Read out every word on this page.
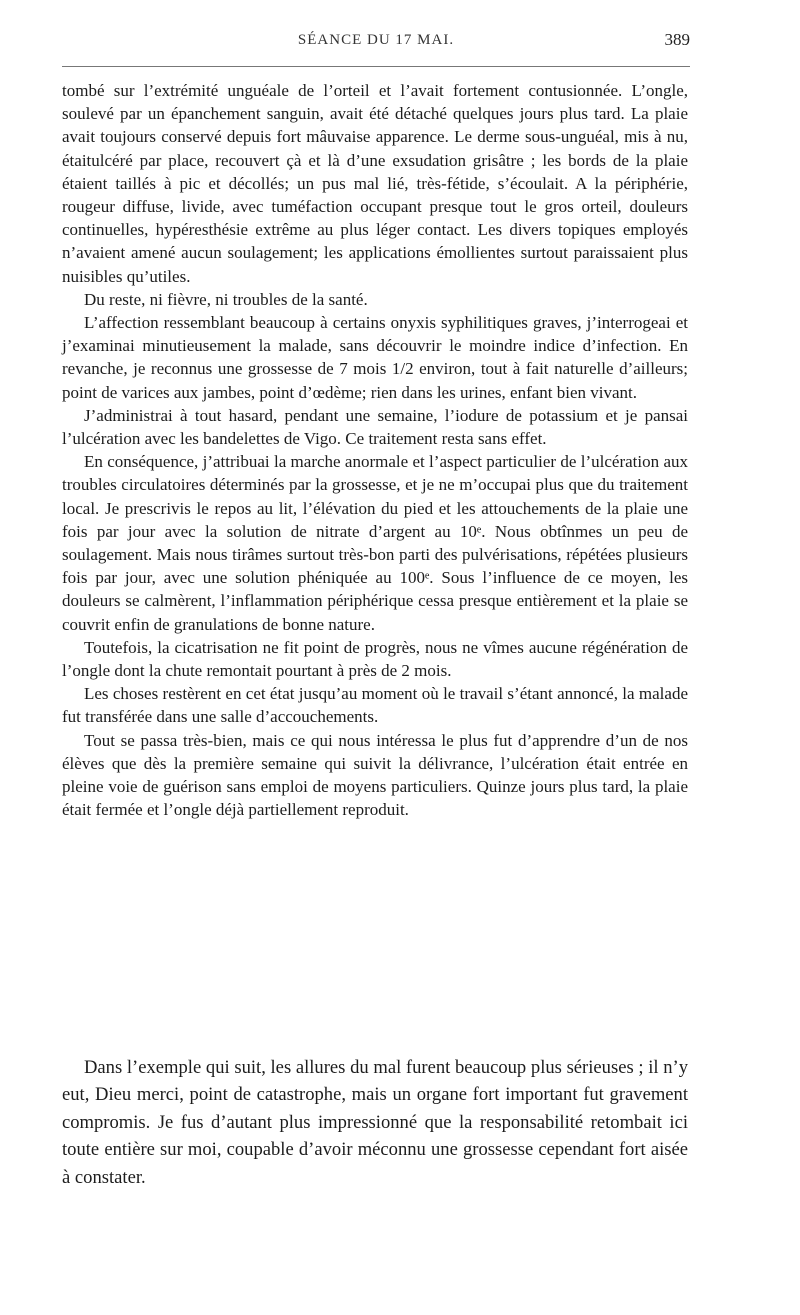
SÉANCE DU 17 MAI.	389

tombé sur l’extrémité unguéale de l’orteil et l’avait fortement contusionnée. L’ongle, soulevé par un épanchement sanguin, avait été détaché quelques jours plus tard. La plaie avait toujours conservé depuis fort mâuvaise apparence. Le derme sous-unguéal, mis à nu, étaitulcéré par place, recouvert çà et là d’une exsudation grisâtre ; les bords de la plaie étaient taillés à pic et décollés; un pus mal lié, très-fétide, s’écoulait. A la périphérie, rougeur diffuse, livide, avec tuméfaction occupant presque tout le gros orteil, douleurs continuelles, hypéresthésie extrême au plus léger contact. Les divers topiques employés n’avaient amené aucun soulagement; les applications émollientes surtout paraissaient plus nuisibles qu’utiles.

Du reste, ni fièvre, ni troubles de la santé.

L’affection ressemblant beaucoup à certains onyxis syphilitiques graves, j’interrogeai et j’examinai minutieusement la malade, sans découvrir le moindre indice d’infection. En revanche, je reconnus une grossesse de 7 mois 1/2 environ, tout à fait naturelle d’ailleurs; point de varices aux jambes, point d’œdème; rien dans les urines, enfant bien vivant.

J’administrai à tout hasard, pendant une semaine, l’iodure de potassium et je pansai l’ulcération avec les bandelettes de Vigo. Ce traitement resta sans effet.

En conséquence, j’attribuai la marche anormale et l’aspect particulier de l’ulcération aux troubles circulatoires déterminés par la grossesse, et je ne m’occupai plus que du traitement local. Je prescrivis le repos au lit, l’élévation du pied et les attouchements de la plaie une fois par jour avec la solution de nitrate d’argent au 10ᵉ. Nous obtînmes un peu de soulagement. Mais nous tirâmes surtout très-bon parti des pulvérisations, répétées plusieurs fois par jour, avec une solution phéniquée au 100ᵉ. Sous l’influence de ce moyen, les douleurs se calmèrent, l’inflammation périphérique cessa presque entièrement et la plaie se couvrit enfin de granulations de bonne nature.

Toutefois, la cicatrisation ne fit point de progrès, nous ne vîmes aucune régénération de l’ongle dont la chute remontait pourtant à près de 2 mois.

Les choses restèrent en cet état jusqu’au moment où le travail s’étant annoncé, la malade fut transférée dans une salle d’accouchements.

Tout se passa très-bien, mais ce qui nous intéressa le plus fut d’apprendre d’un de nos élèves que dès la première semaine qui suivit la délivrance, l’ulcération était entrée en pleine voie de guérison sans emploi de moyens particuliers. Quinze jours plus tard, la plaie était fermée et l’ongle déjà partiellement reproduit.

Dans l’exemple qui suit, les allures du mal furent beaucoup plus sérieuses ; il n’y eut, Dieu merci, point de catastrophe, mais un organe fort important fut gravement compromis. Je fus d’autant plus impressionné que la responsabilité retombait ici toute entière sur moi, coupable d’avoir méconnu une grossesse cependant fort aisée à constater.
